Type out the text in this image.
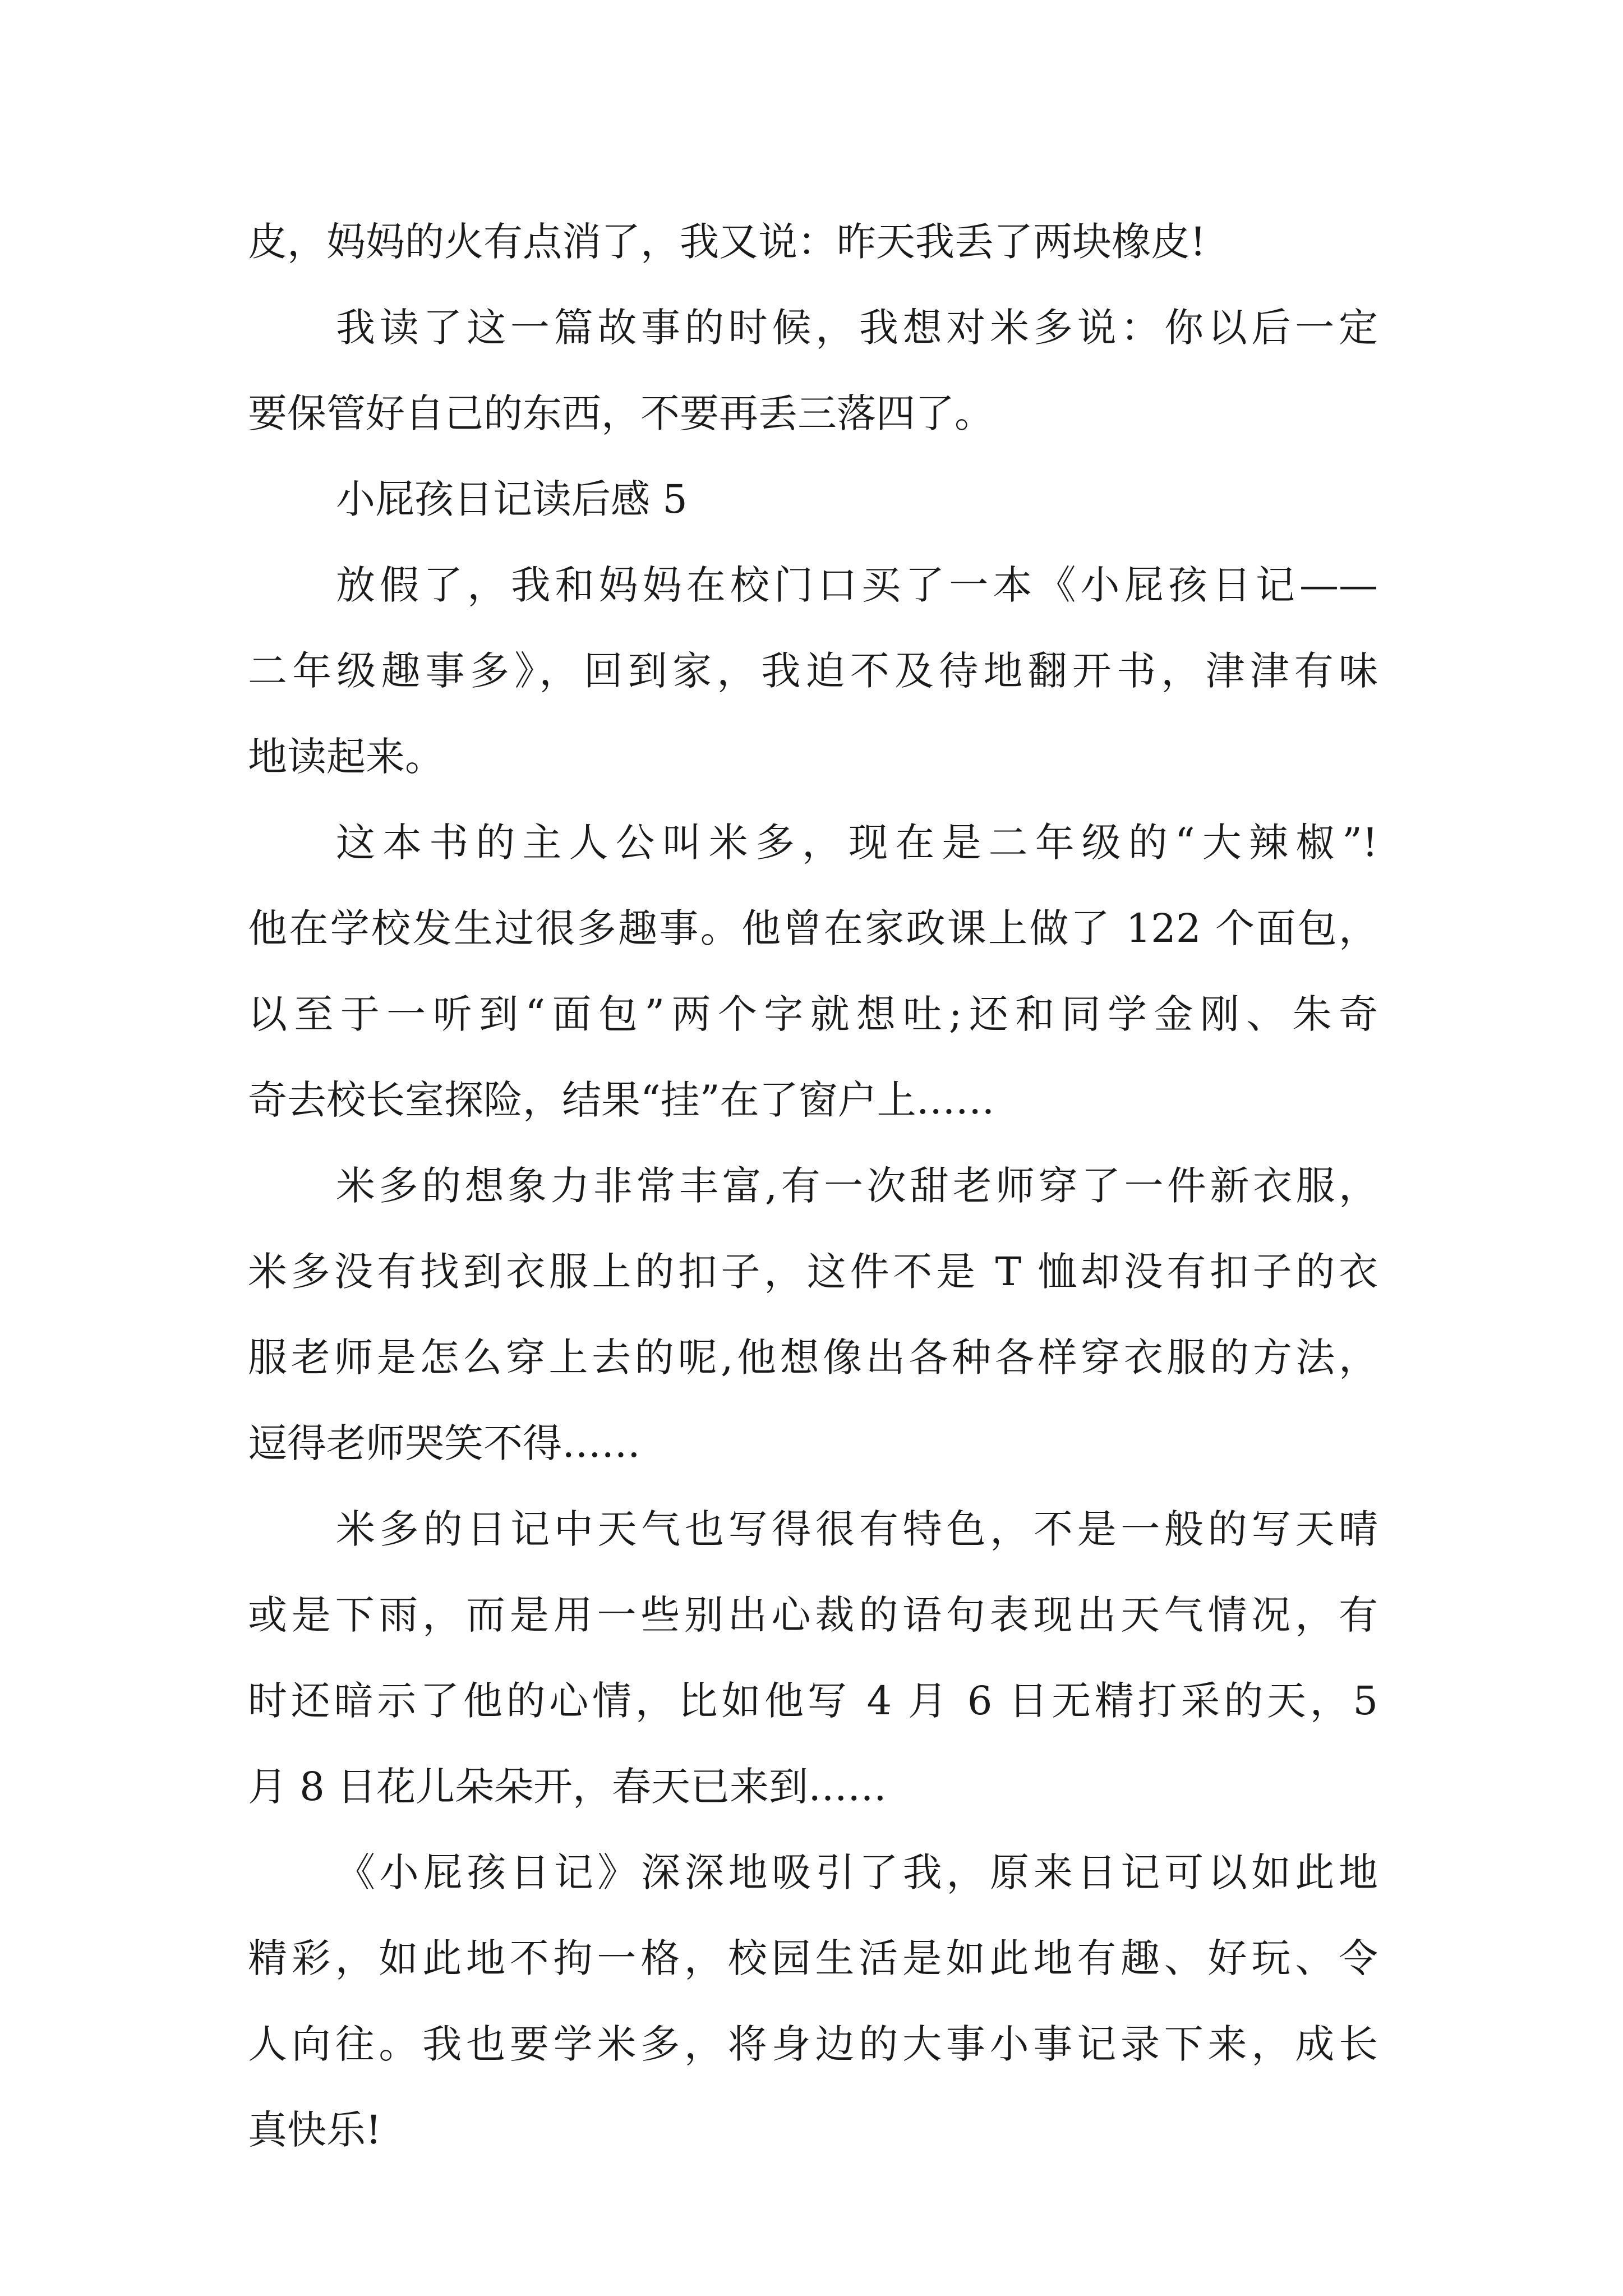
皮，妈妈的火有点消了，我又说：昨天我丢了两块橡皮!
我读了这一篇故事的时候，我想对米多说：你以后一定
要保管好自己的东西，不要再丢三落四了。
小屁孩日记读后感 5
放假了，我和妈妈在校门口买了一本《小屁孩日记——
二年级趣事多》，回到家，我迫不及待地翻开书，津津有味
地读起来。
这本书的主人公叫米多，现在是二年级的“大辣椒”!
他在学校发生过很多趣事。他曾在家政课上做了 122 个面包，
以至于一听到“面包”两个字就想吐;还和同学金刚、朱奇
奇去校长室探险，结果“挂”在了窗户上……
米多的想象力非常丰富,有一次甜老师穿了一件新衣服，
米多没有找到衣服上的扣子，这件不是 T 恤却没有扣子的衣
服老师是怎么穿上去的呢,他想像出各种各样穿衣服的方法，
逗得老师哭笑不得……
米多的日记中天气也写得很有特色，不是一般的写天晴
或是下雨，而是用一些别出心裁的语句表现出天气情况，有
时还暗示了他的心情，比如他写 4 月 6 日无精打采的天，5
月 8 日花儿朵朵开，春天已来到……
《小屁孩日记》深深地吸引了我，原来日记可以如此地
精彩，如此地不拘一格，校园生活是如此地有趣、好玩、令
人向往。我也要学米多，将身边的大事小事记录下来，成长
真快乐!
